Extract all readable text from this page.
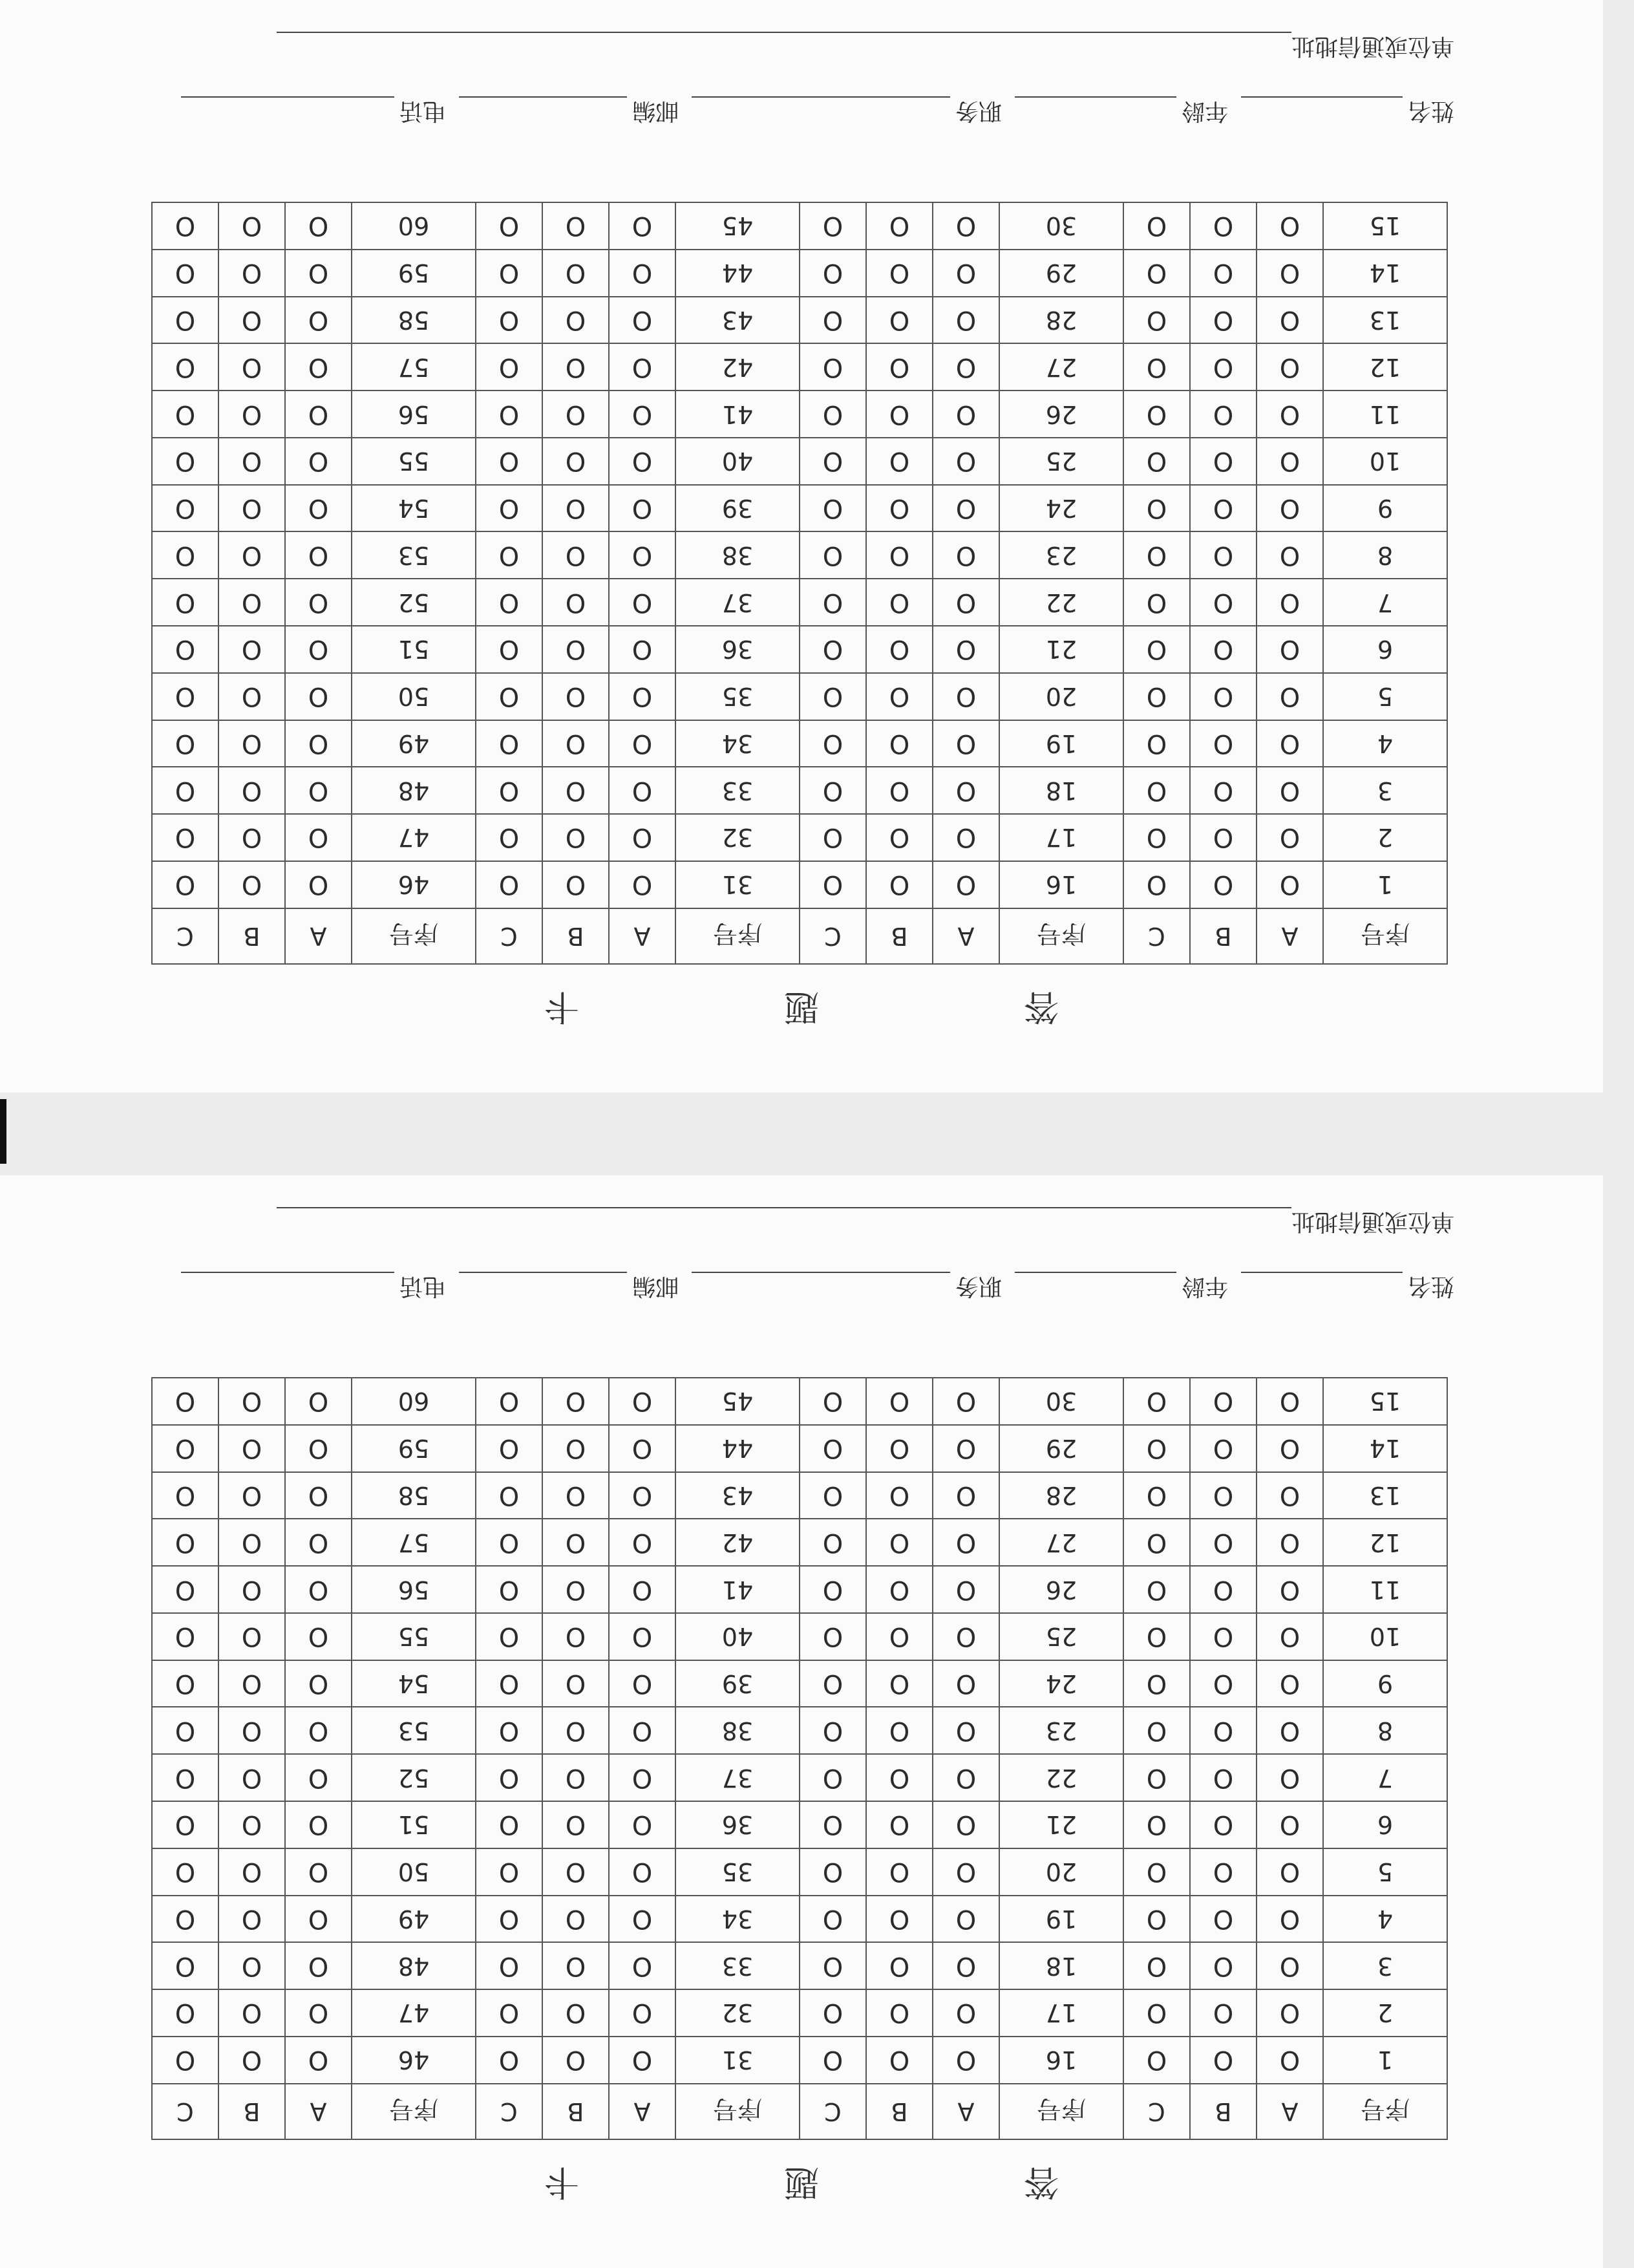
答 题 卡
序号	A	B	C	序号	A	B	C	序号	A	B	C	序号	A	B	C
1	O	O	O	16	O	O	O	31	O	O	O	46	O	O	O
2	O	O	O	17	O	O	O	32	O	O	O	47	O	O	O
3	O	O	O	18	O	O	O	33	O	O	O	48	O	O	O
4	O	O	O	19	O	O	O	34	O	O	O	49	O	O	O
5	O	O	O	20	O	O	O	35	O	O	O	50	O	O	O
6	O	O	O	21	O	O	O	36	O	O	O	51	O	O	O
7	O	O	O	22	O	O	O	37	O	O	O	52	O	O	O
8	O	O	O	23	O	O	O	38	O	O	O	53	O	O	O
9	O	O	O	24	O	O	O	39	O	O	O	54	O	O	O
10	O	O	O	25	O	O	O	40	O	O	O	55	O	O	O
11	O	O	O	26	O	O	O	41	O	O	O	56	O	O	O
12	O	O	O	27	O	O	O	42	O	O	O	57	O	O	O
13	O	O	O	28	O	O	O	43	O	O	O	58	O	O	O
14	O	O	O	29	O	O	O	44	O	O	O	59	O	O	O
15	O	O	O	30	O	O	O	45	O	O	O	60	O	O	O
姓名
年龄
职务
邮编
电话
单位或通信地址
答 题 卡
序号	A	B	C	序号	A	B	C	序号	A	B	C	序号	A	B	C
1	O	O	O	16	O	O	O	31	O	O	O	46	O	O	O
2	O	O	O	17	O	O	O	32	O	O	O	47	O	O	O
3	O	O	O	18	O	O	O	33	O	O	O	48	O	O	O
4	O	O	O	19	O	O	O	34	O	O	O	49	O	O	O
5	O	O	O	20	O	O	O	35	O	O	O	50	O	O	O
6	O	O	O	21	O	O	O	36	O	O	O	51	O	O	O
7	O	O	O	22	O	O	O	37	O	O	O	52	O	O	O
8	O	O	O	23	O	O	O	38	O	O	O	53	O	O	O
9	O	O	O	24	O	O	O	39	O	O	O	54	O	O	O
10	O	O	O	25	O	O	O	40	O	O	O	55	O	O	O
11	O	O	O	26	O	O	O	41	O	O	O	56	O	O	O
12	O	O	O	27	O	O	O	42	O	O	O	57	O	O	O
13	O	O	O	28	O	O	O	43	O	O	O	58	O	O	O
14	O	O	O	29	O	O	O	44	O	O	O	59	O	O	O
15	O	O	O	30	O	O	O	45	O	O	O	60	O	O	O
姓名
年龄
职务
邮编
电话
单位或通信地址
